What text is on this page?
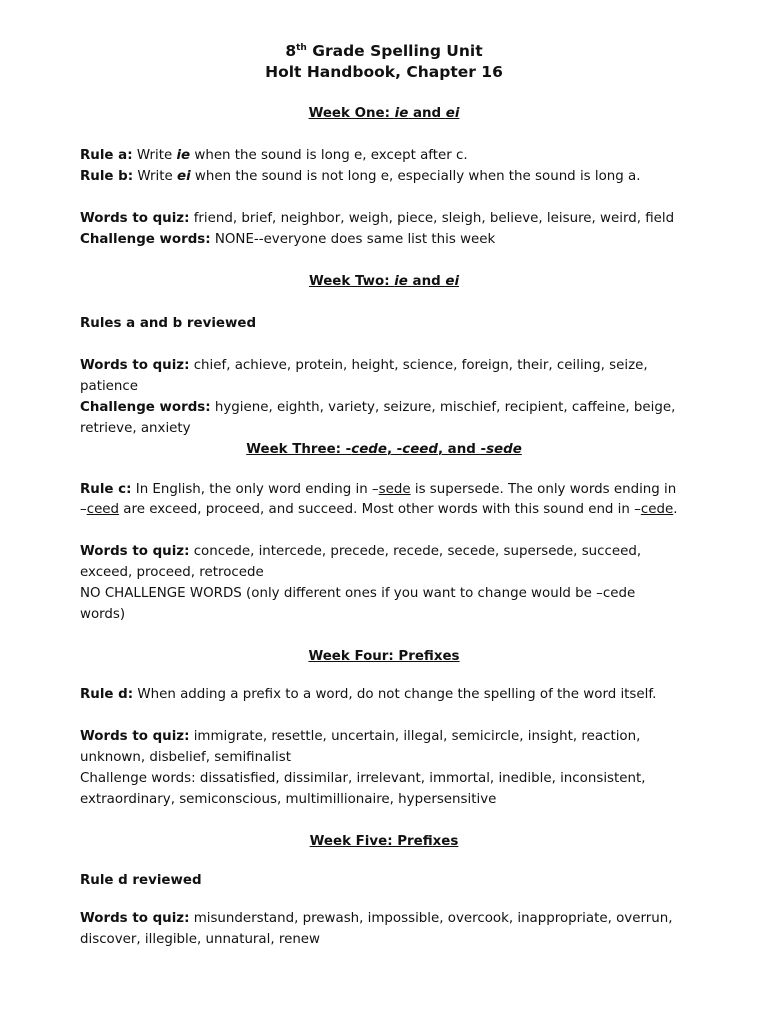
8th Grade Spelling Unit
Holt Handbook, Chapter 16
Week One: ie and ei
Rule a: Write ie when the sound is long e, except after c.
Rule b: Write ei when the sound is not long e, especially when the sound is long a.
Words to quiz: friend, brief, neighbor, weigh, piece, sleigh, believe, leisure, weird, field
Challenge words: NONE--everyone does same list this week
Week Two: ie and ei
Rules a and b reviewed
Words to quiz: chief, achieve, protein, height, science, foreign, their, ceiling, seize,
patience
Challenge words: hygiene, eighth, variety, seizure, mischief, recipient, caffeine, beige,
retrieve, anxiety
Week Three: -cede, -ceed, and -sede
Rule c: In English, the only word ending in –sede is supersede. The only words ending in
–ceed are exceed, proceed, and succeed. Most other words with this sound end in –cede.
Words to quiz: concede, intercede, precede, recede, secede, supersede, succeed,
exceed, proceed, retrocede
NO CHALLENGE WORDS (only different ones if you want to change would be –cede
words)
Week Four: Prefixes
Rule d: When adding a prefix to a word, do not change the spelling of the word itself.
Words to quiz: immigrate, resettle, uncertain, illegal, semicircle, insight, reaction,
unknown, disbelief, semifinalist
Challenge words: dissatisfied, dissimilar, irrelevant, immortal, inedible, inconsistent,
extraordinary, semiconscious, multimillionaire, hypersensitive
Week Five: Prefixes
Rule d reviewed
Words to quiz: misunderstand, prewash, impossible, overcook, inappropriate, overrun,
discover, illegible, unnatural, renew
